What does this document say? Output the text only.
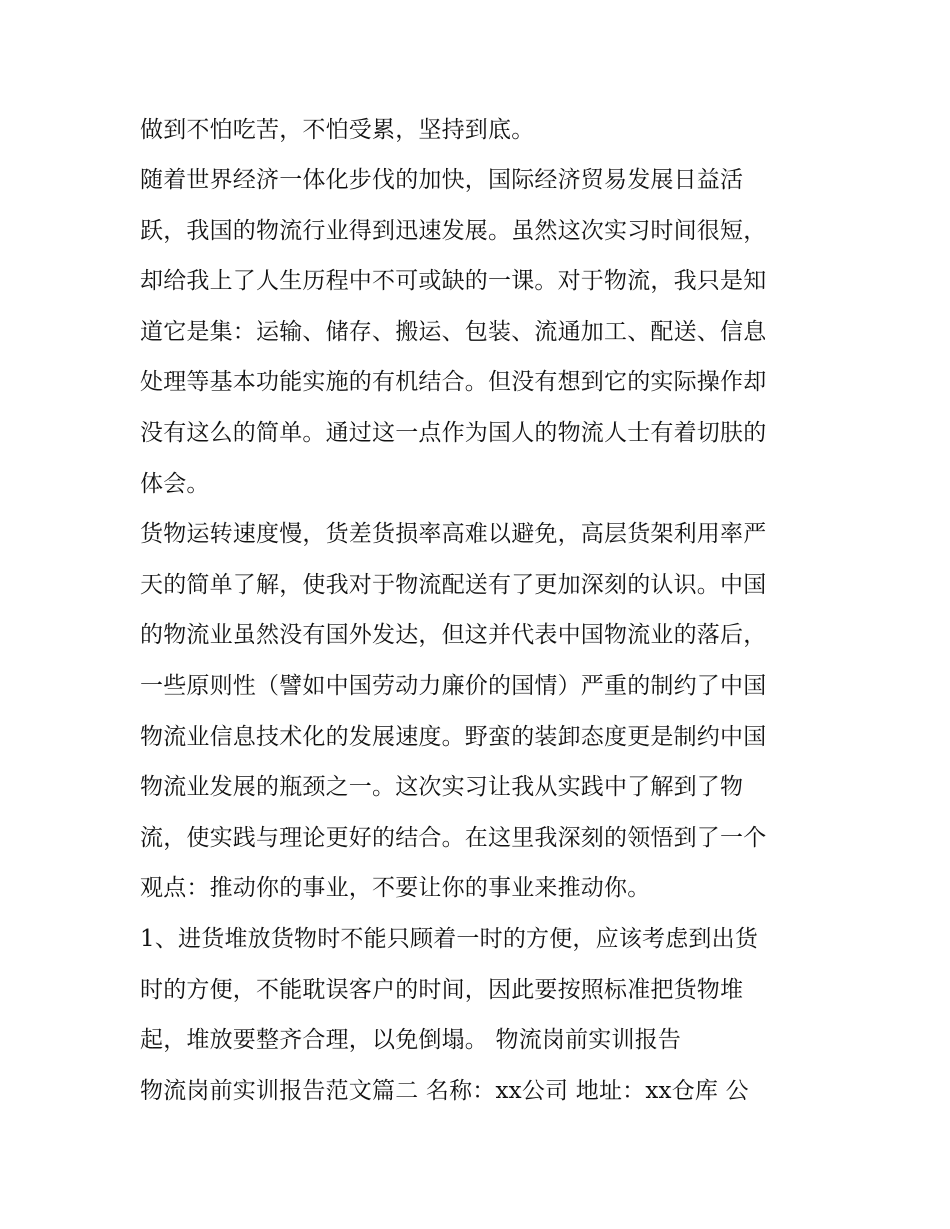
做到不怕吃苦，不怕受累，坚持到底。

随着世界经济一体化步伐的加快，国际经济贸易发展日益活

跃，我国的物流行业得到迅速发展。虽然这次实习时间很短，

却给我上了人生历程中不可或缺的一课。对于物流，我只是知

道它是集：运输、储存、搬运、包装、流通加工、配送、信息

处理等基本功能实施的有机结合。但没有想到它的实际操作却

没有这么的简单。通过这一点作为国人的物流人士有着切肤的

体会。

货物运转速度慢，货差货损率高难以避免，高层货架利用率严

天的简单了解，使我对于物流配送有了更加深刻的认识。中国

的物流业虽然没有国外发达，但这并代表中国物流业的落后，

一些原则性（譬如中国劳动力廉价的国情）严重的制约了中国

物流业信息技术化的发展速度。野蛮的装卸态度更是制约中国

物流业发展的瓶颈之一。这次实习让我从实践中了解到了物

流，使实践与理论更好的结合。在这里我深刻的领悟到了一个

观点：推动你的事业，不要让你的事业来推动你。

1、进货堆放货物时不能只顾着一时的方便，应该考虑到出货

时的方便，不能耽误客户的时间，因此要按照标准把货物堆

起，堆放要整齐合理，以免倒塌。 物流岗前实训报告

物流岗前实训报告范文篇二 名称：xx公司 地址：xx仓库 公
